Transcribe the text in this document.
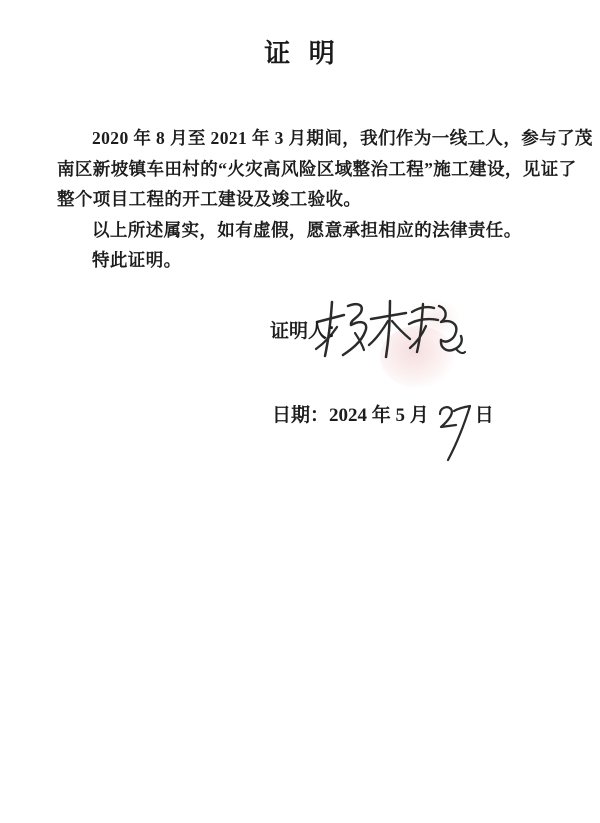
证 明
2020 年 8 月至 2021 年 3 月期间，我们作为一线工人，参与了茂
南区新坡镇车田村的“火灾高风险区域整治工程”施工建设，见证了
整个项目工程的开工建设及竣工验收。
以上所述属实，如有虚假，愿意承担相应的法律责任。
特此证明。
证明人：
日期：2024 年 5 月 日
